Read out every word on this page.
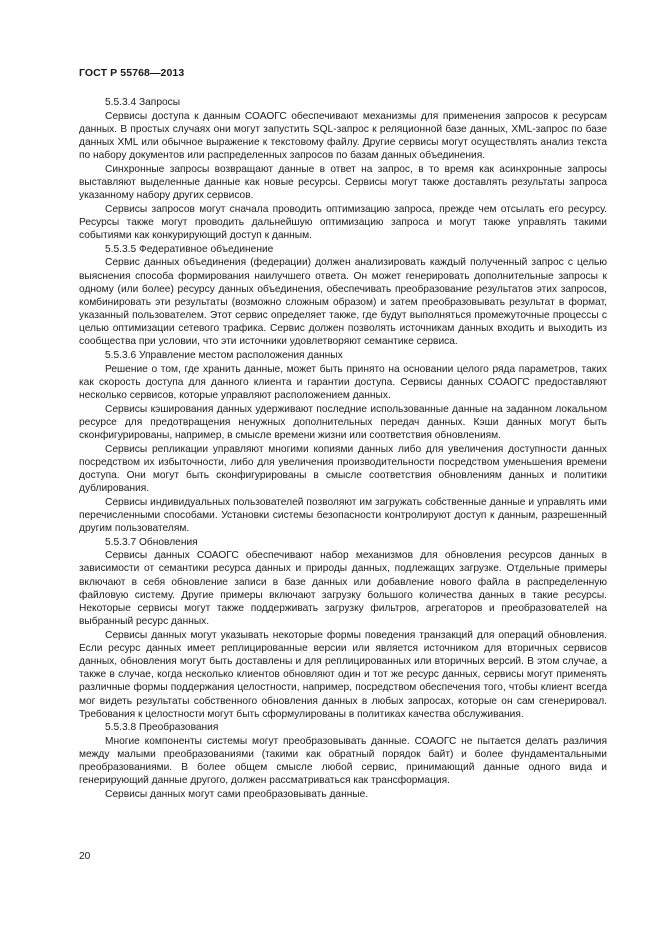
ГОСТ Р 55768—2013

5.5.3.4 Запросы

Сервисы доступа к данным СОАОГС обеспечивают механизмы для применения запросов к ресурсам данных. В простых случаях они могут запустить SQL-запрос к реляционной базе данных, XML-запрос по базе данных XML или обычное выражение к текстовому файлу. Другие сервисы могут осуществлять анализ текста по набору документов или распределенных запросов по базам данных объединения.

Синхронные запросы возвращают данные в ответ на запрос, в то время как асинхронные запросы выставляют выделенные данные как новые ресурсы. Сервисы могут также доставлять результаты запроса указанному набору других сервисов.

Сервисы запросов могут сначала проводить оптимизацию запроса, прежде чем отсылать его ресурсу. Ресурсы также могут проводить дальнейшую оптимизацию запроса и могут также управлять такими событиями как конкурирующий доступ к данным.

5.5.3.5 Федеративное объединение

Сервис данных объединения (федерации) должен анализировать каждый полученный запрос с целью выяснения способа формирования наилучшего ответа. Он может генерировать дополнительные запросы к одному (или более) ресурсу данных объединения, обеспечивать преобразование результатов этих запросов, комбинировать эти результаты (возможно сложным образом) и затем преобразовывать результат в формат, указанный пользователем. Этот сервис определяет также, где будут выполняться промежуточные процессы с целью оптимизации сетевого трафика. Сервис должен позволять источникам данных входить и выходить из сообщества при условии, что эти источники удовлетворяют семантике сервиса.

5.5.3.6 Управление местом расположения данных

Решение о том, где хранить данные, может быть принято на основании целого ряда параметров, таких как скорость доступа для данного клиента и гарантии доступа. Сервисы данных СОАОГС предоставляют несколько сервисов, которые управляют расположением данных.

Сервисы кэширования данных удерживают последние использованные данные на заданном локальном ресурсе для предотвращения ненужных дополнительных передач данных. Кэши данных могут быть сконфигурированы, например, в смысле времени жизни или соответствия обновлениям.

Сервисы репликации управляют многими копиями данных либо для увеличения доступности данных посредством их избыточности, либо для увеличения производительности посредством уменьшения времени доступа. Они могут быть сконфигурированы в смысле соответствия обновлениям данных и политики дублирования.

Сервисы индивидуальных пользователей позволяют им загружать собственные данные и управлять ими перечисленными способами. Установки системы безопасности контролируют доступ к данным, разрешенный другим пользователям.

5.5.3.7 Обновления

Сервисы данных СОАОГС обеспечивают набор механизмов для обновления ресурсов данных в зависимости от семантики ресурса данных и природы данных, подлежащих загрузке. Отдельные примеры включают в себя обновление записи в базе данных или добавление нового файла в распределенную файловую систему. Другие примеры включают загрузку большого количества данных в такие ресурсы. Некоторые сервисы могут также поддерживать загрузку фильтров, агрегаторов и преобразователей на выбранный ресурс данных.

Сервисы данных могут указывать некоторые формы поведения транзакций для операций обновления. Если ресурс данных имеет реплицированные версии или является источником для вторичных сервисов данных, обновления могут быть доставлены и для реплицированных или вторичных версий. В этом случае, а также в случае, когда несколько клиентов обновляют один и тот же ресурс данных, сервисы могут применять различные формы поддержания целостности, например, посредством обеспечения того, чтобы клиент всегда мог видеть результаты собственного обновления данных в любых запросах, которые он сам сгенерировал. Требования к целостности могут быть сформулированы в политиках качества обслуживания.

5.5.3.8 Преобразования

Многие компоненты системы могут преобразовывать данные. СОАОГС не пытается делать различия между малыми преобразованиями (такими как обратный порядок байт) и более фундаментальными преобразованиями. В более общем смысле любой сервис, принимающий данные одного вида и генерирующий данные другого, должен рассматриваться как трансформация.

Сервисы данных могут сами преобразовывать данные.

20
